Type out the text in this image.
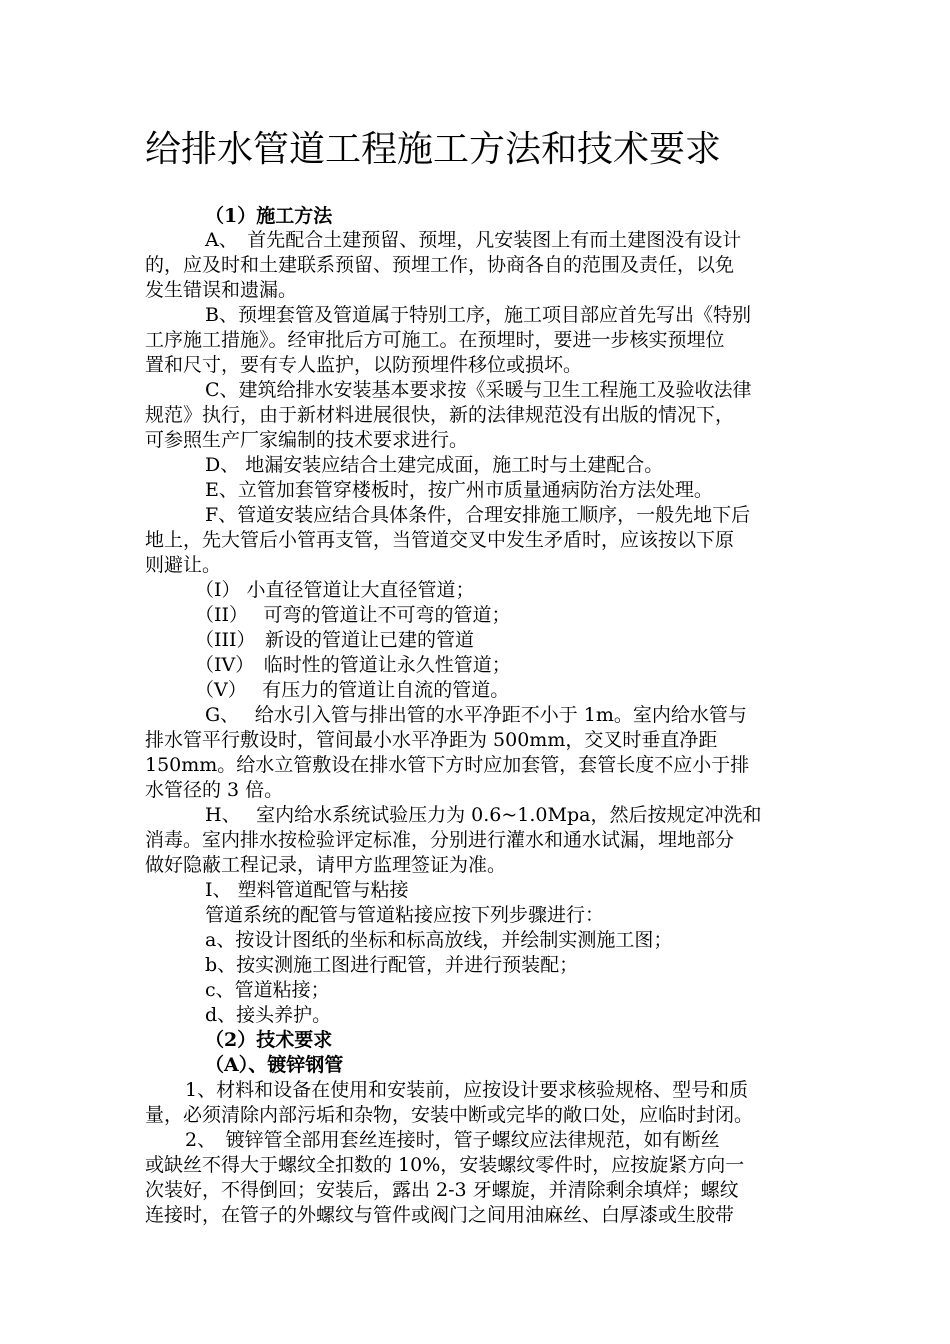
给排水管道工程施工方法和技术要求
（1）施工方法
A、　首先配合土建预留、预埋，凡安装图上有而土建图没有设计
的，应及时和土建联系预留、预埋工作，协商各自的范围及责任，以免
发生错误和遗漏。
B、预埋套管及管道属于特别工序，施工项目部应首先写出《特别
工序施工措施》。经审批后方可施工。在预埋时，要进一步核实预埋位
置和尺寸，要有专人监护，以防预埋件移位或损坏。
C、建筑给排水安装基本要求按《采暖与卫生工程施工及验收法律
规范》执行，由于新材料进展很快，新的法律规范没有出版的情况下，
可参照生产厂家编制的技术要求进行。
D、 地漏安装应结合土建完成面，施工时与土建配合。
E、立管加套管穿楼板时，按广州市质量通病防治方法处理。
F、管道安装应结合具体条件，合理安排施工顺序，一般先地下后
地上，先大管后小管再支管，当管道交叉中发生矛盾时，应该按以下原
则避让。
（I） 小直径管道让大直径管道；
（II）　 可弯的管道让不可弯的管道；
（III）　新设的管道让已建的管道
（IV）　临时性的管道让永久性管道；
（V）　 有压力的管道让自流的管道。
G、　 给水引入管与排出管的水平净距不小于 1m。室内给水管与
排水管平行敷设时，管间最小水平净距为 500mm，交叉时垂直净距
150mm。给水立管敷设在排水管下方时应加套管，套管长度不应小于排
水管径的 3 倍。
H、　 室内给水系统试验压力为 0.6~1.0Mpa，然后按规定冲洗和
消毒。室内排水按检验评定标准，分别进行灌水和通水试漏，埋地部分
做好隐蔽工程记录，请甲方监理签证为准。
I、 塑料管道配管与粘接
管道系统的配管与管道粘接应按下列步骤进行：
a、按设计图纸的坐标和标高放线，并绘制实测施工图；
b、按实测施工图进行配管，并进行预装配；
c、管道粘接；
d、接头养护。
（2）技术要求
（A）、镀锌钢管
1、材料和设备在使用和安装前，应按设计要求核验规格、型号和质
量，必须清除内部污垢和杂物，安装中断或完毕的敞口处，应临时封闭。
2、　镀锌管全部用套丝连接时，管子螺纹应法律规范，如有断丝
或缺丝不得大于螺纹全扣数的 10%，安装螺纹零件时，应按旋紧方向一
次装好，不得倒回；安装后，露出 2-3 牙螺旋，并清除剩余填烊；螺纹
连接时，在管子的外螺纹与管件或阀门之间用油麻丝、白厚漆或生胶带
